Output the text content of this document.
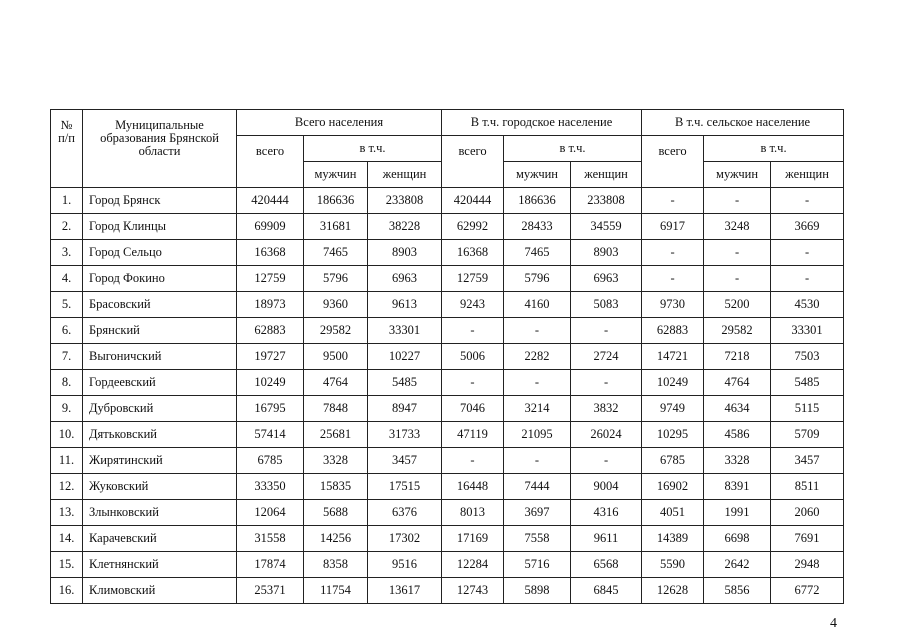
№ п/п	Муниципальные образования Брянской области	Всего населения			В т.ч. городское население			В т.ч. сельское население		
		всего	в т.ч.		всего	в т.ч.		всего	в т.ч.	
			мужчин	женщин		мужчин	женщин		мужчин	женщин
1.	Город Брянск	420444	186636	233808	420444	186636	233808	-	-	-
2.	Город Клинцы	69909	31681	38228	62992	28433	34559	6917	3248	3669
3.	Город Сельцо	16368	7465	8903	16368	7465	8903	-	-	-
4.	Город Фокино	12759	5796	6963	12759	5796	6963	-	-	-
5.	Брасовский	18973	9360	9613	9243	4160	5083	9730	5200	4530
6.	Брянский	62883	29582	33301	-	-	-	62883	29582	33301
7.	Выгоничский	19727	9500	10227	5006	2282	2724	14721	7218	7503
8.	Гордеевский	10249	4764	5485	-	-	-	10249	4764	5485
9.	Дубровский	16795	7848	8947	7046	3214	3832	9749	4634	5115
10.	Дятьковский	57414	25681	31733	47119	21095	26024	10295	4586	5709
11.	Жирятинский	6785	3328	3457	-	-	-	6785	3328	3457
12.	Жуковский	33350	15835	17515	16448	7444	9004	16902	8391	8511
13.	Злынковский	12064	5688	6376	8013	3697	4316	4051	1991	2060
14.	Карачевский	31558	14256	17302	17169	7558	9611	14389	6698	7691
15.	Клетнянский	17874	8358	9516	12284	5716	6568	5590	2642	2948
16.	Климовский	25371	11754	13617	12743	5898	6845	12628	5856	6772
4
